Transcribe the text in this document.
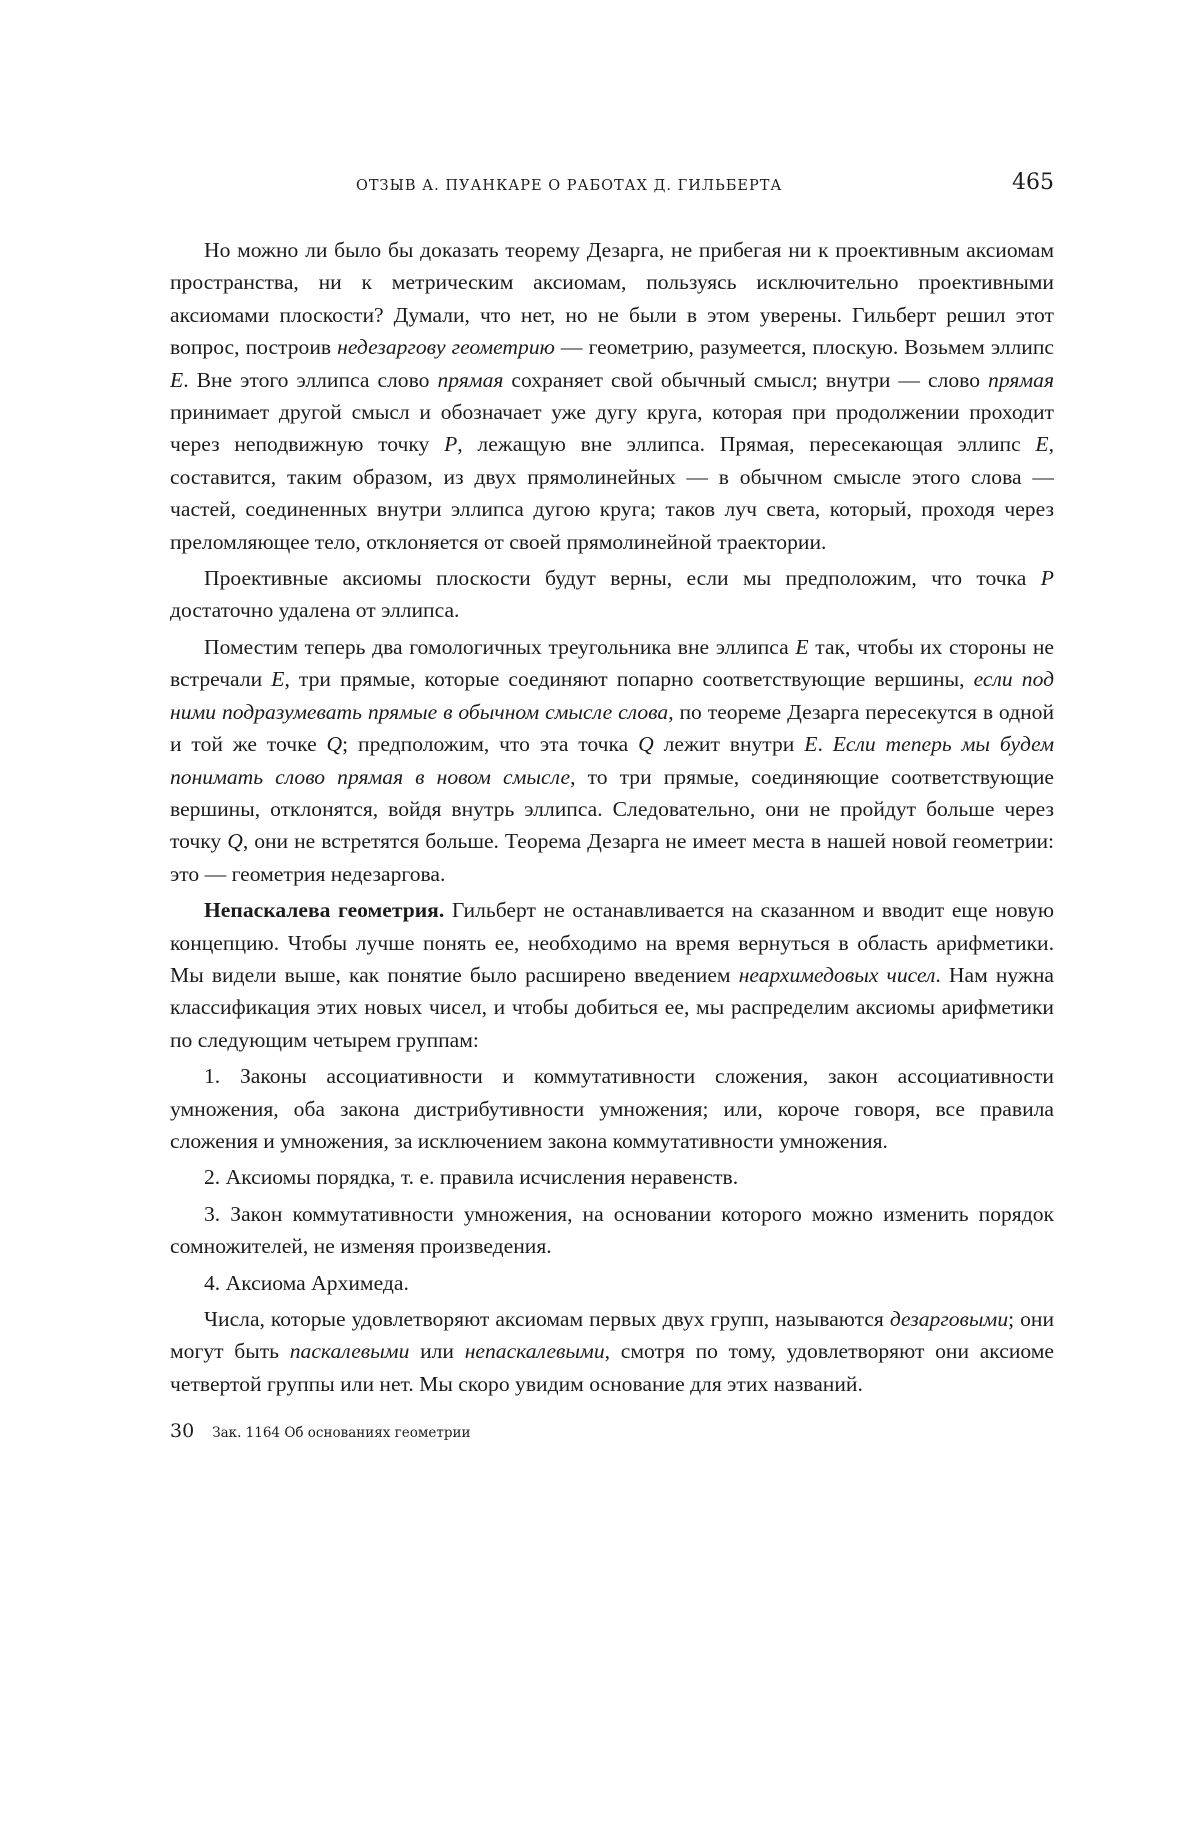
ОТЗЫВ А. ПУАНКАРЕ О РАБОТАХ Д. ГИЛЬБЕРТА	465

Но можно ли было бы доказать теорему Дезарга, не прибегая ни к проективным аксиомам пространства, ни к метрическим аксиомам, пользуясь исключительно проективными аксиомами плоскости? Думали, что нет, но не были в этом уверены. Гильберт решил этот вопрос, построив недезаргову геометрию — геометрию, разумеется, плоскую. Возьмем эллипс E. Вне этого эллипса слово прямая сохраняет свой обычный смысл; внутри — слово прямая принимает другой смысл и обозначает уже дугу круга, которая при продолжении проходит через неподвижную точку P, лежащую вне эллипса. Прямая, пересекающая эллипс E, составится, таким образом, из двух прямолинейных — в обычном смысле этого слова — частей, соединенных внутри эллипса дугою круга; таков луч света, который, проходя через преломляющее тело, отклоняется от своей прямолинейной траектории.

Проективные аксиомы плоскости будут верны, если мы предположим, что точка P достаточно удалена от эллипса.

Поместим теперь два гомологичных треугольника вне эллипса E так, чтобы их стороны не встречали E, три прямые, которые соединяют попарно соответствующие вершины, если под ними подразумевать прямые в обычном смысле слова, по теореме Дезарга пересекутся в одной и той же точке Q; предположим, что эта точка Q лежит внутри E. Если теперь мы будем понимать слово прямая в новом смысле, то три прямые, соединяющие соответствующие вершины, отклонятся, войдя внутрь эллипса. Следовательно, они не пройдут больше через точку Q, они не встретятся больше. Теорема Дезарга не имеет места в нашей новой геометрии: это — геометрия недезаргова.

Непаскалева геометрия. Гильберт не останавливается на сказанном и вводит еще новую концепцию. Чтобы лучше понять ее, необходимо на время вернуться в область арифметики. Мы видели выше, как понятие было расширено введением неархимедовых чисел. Нам нужна классификация этих новых чисел, и чтобы добиться ее, мы распределим аксиомы арифметики по следующим четырем группам:

1. Законы ассоциативности и коммутативности сложения, закон ассоциативности умножения, оба закона дистрибутивности умножения; или, короче говоря, все правила сложения и умножения, за исключением закона коммутативности умножения.

2. Аксиомы порядка, т. е. правила исчисления неравенств.

3. Закон коммутативности умножения, на основании которого можно изменить порядок сомножителей, не изменяя произведения.

4. Аксиома Архимеда.

Числа, которые удовлетворяют аксиомам первых двух групп, называются дезарговыми; они могут быть паскалевыми или непаскалевыми, смотря по тому, удовлетворяют они аксиоме четвертой группы или нет. Мы скоро увидим основание для этих названий.

30 Зак. 1164 Об основаниях геометрии
